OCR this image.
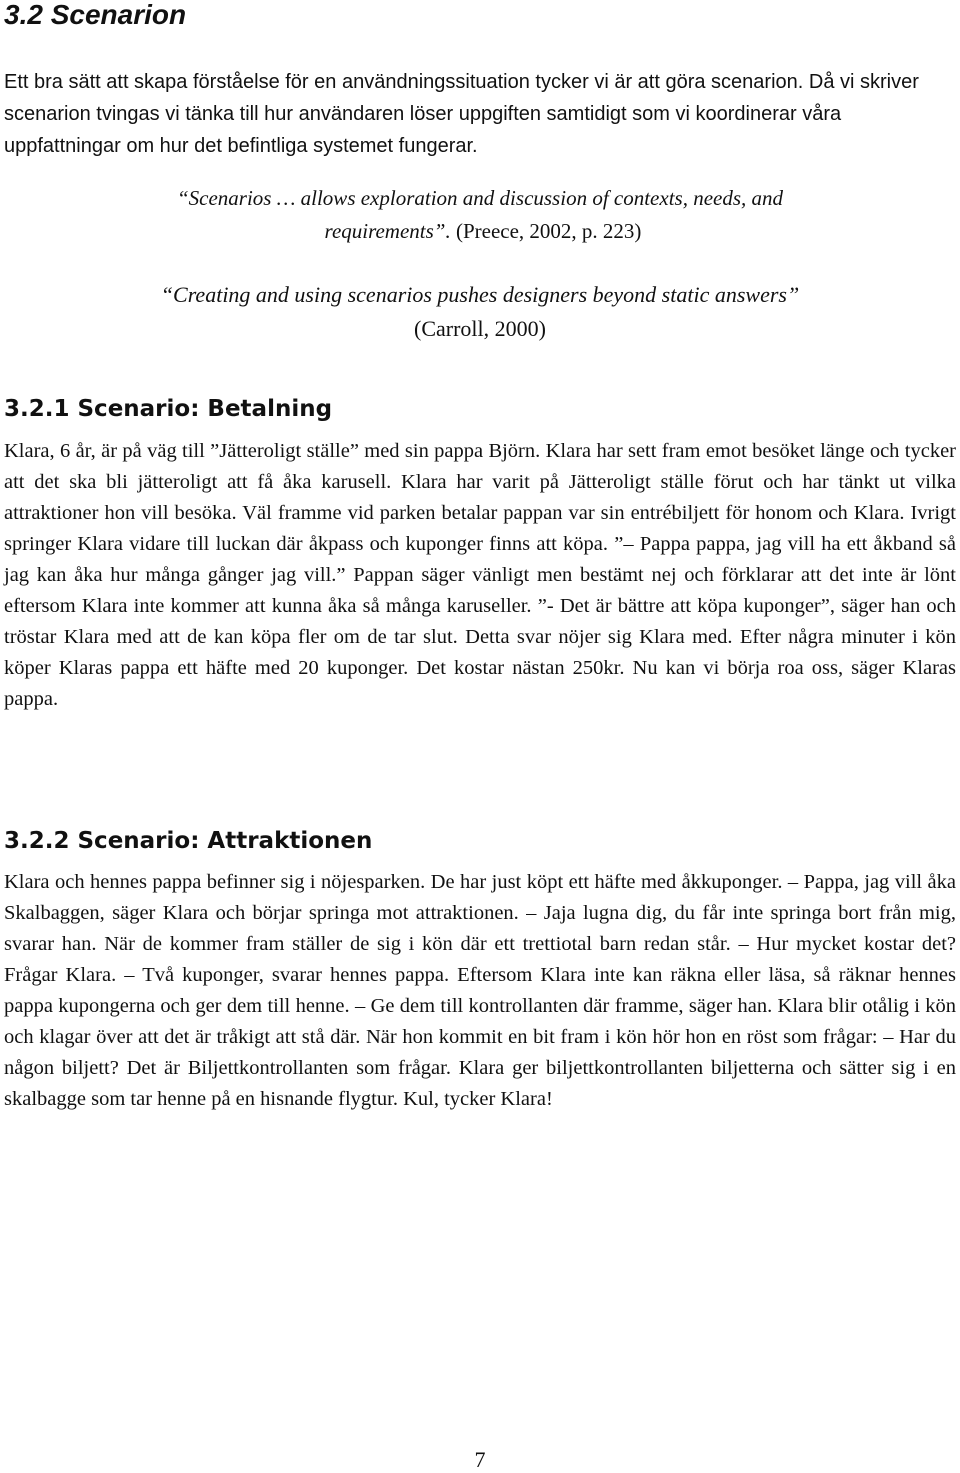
3.2 Scenarion

Ett bra sätt att skapa förståelse för en användningssituation tycker vi är att göra scenarion. Då vi skriver scenarion tvingas vi tänka till hur användaren löser uppgiften samtidigt som vi koordinerar våra uppfattningar om hur det befintliga systemet fungerar.

“Scenarios … allows exploration and discussion of contexts, needs, and
requirements”. (Preece, 2002, p. 223)
“Creating and using scenarios pushes designers beyond static answers”
(Carroll, 2000)
3.2.1 Scenario: Betalning

Klara, 6 år, är på väg till ”Jätteroligt ställe” med sin pappa Björn. Klara har sett fram emot besöket länge och tycker att det ska bli jätteroligt att få åka karusell. Klara har varit på Jätteroligt ställe förut och har tänkt ut vilka attraktioner hon vill besöka. Väl framme vid parken betalar pappan var sin entrébiljett för honom och Klara. Ivrigt springer Klara vidare till luckan där åkpass och kuponger finns att köpa. ”– Pappa pappa, jag vill ha ett åkband så jag kan åka hur många gånger jag vill.” Pappan säger vänligt men bestämt nej och förklarar att det inte är lönt eftersom Klara inte kommer att kunna åka så många karuseller. ”- Det är bättre att köpa kuponger”, säger han och tröstar Klara med att de kan köpa fler om de tar slut. Detta svar nöjer sig Klara med. Efter några minuter i kön köper Klaras pappa ett häfte med 20 kuponger. Det kostar nästan 250kr. Nu kan vi börja roa oss, säger Klaras pappa.

3.2.2 Scenario: Attraktionen

Klara och hennes pappa befinner sig i nöjesparken. De har just köpt ett häfte med åkkuponger. – Pappa, jag vill åka Skalbaggen, säger Klara och börjar springa mot attraktionen. – Jaja lugna dig, du får inte springa bort från mig, svarar han. När de kommer fram ställer de sig i kön där ett trettiotal barn redan står. – Hur mycket kostar det? Frågar Klara. – Två kuponger, svarar hennes pappa. Eftersom Klara inte kan räkna eller läsa, så räknar hennes pappa kupongerna och ger dem till henne. – Ge dem till kontrollanten där framme, säger han. Klara blir otålig i kön och klagar över att det är tråkigt att stå där. När hon kommit en bit fram i kön hör hon en röst som frågar: – Har du någon biljett? Det är Biljettkontrollanten som frågar. Klara ger biljettkontrollanten biljetterna och sätter sig i en skalbagge som tar henne på en hisnande flygtur. Kul, tycker Klara!

7
